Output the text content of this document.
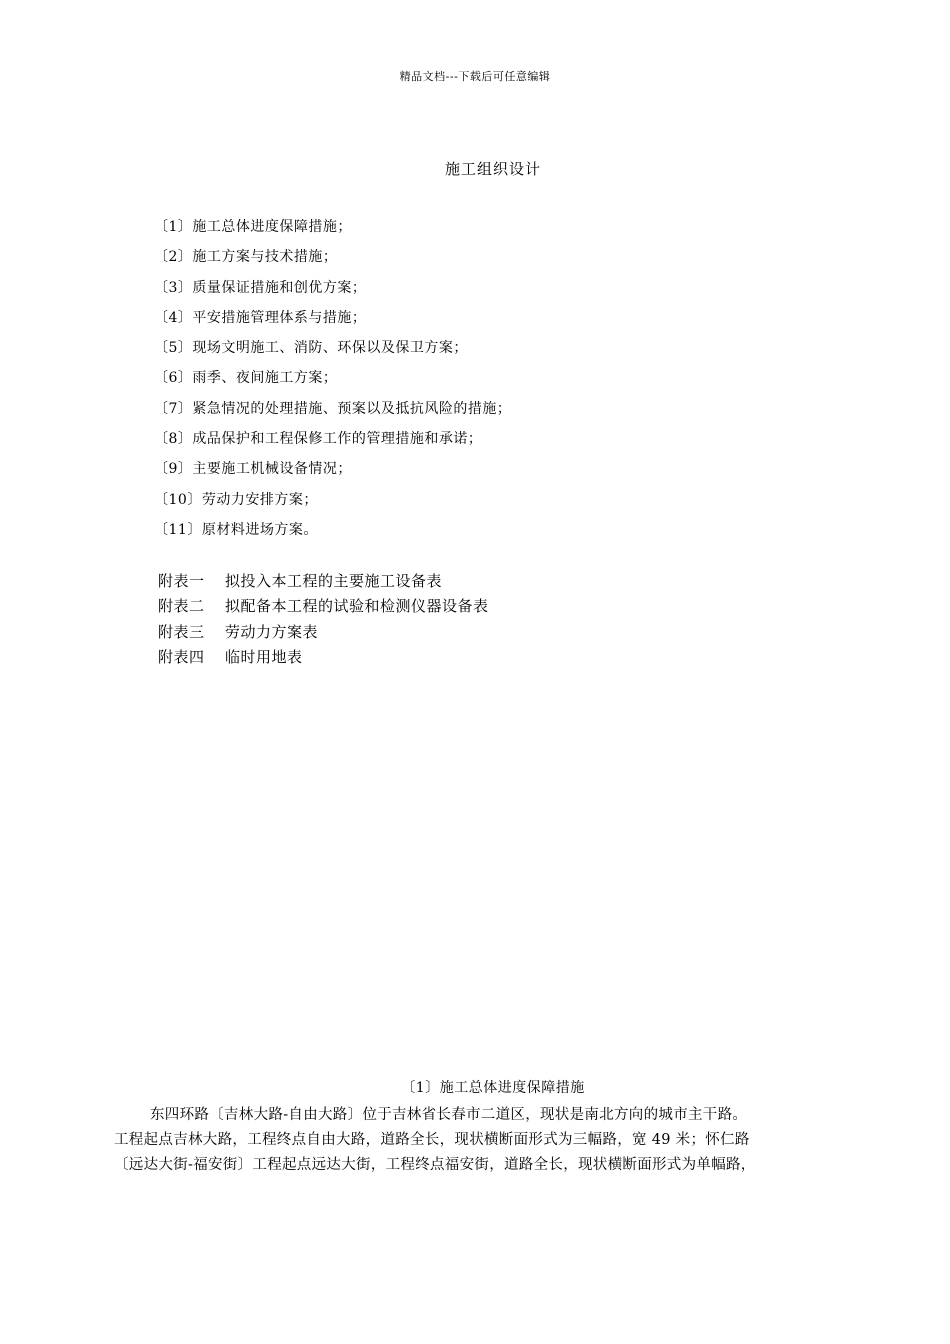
精品文档---下载后可任意编辑
施工组织设计
〔1〕施工总体进度保障措施；
〔2〕施工方案与技术措施；
〔3〕质量保证措施和创优方案；
〔4〕平安措施管理体系与措施；
〔5〕现场文明施工、消防、环保以及保卫方案；
〔6〕雨季、夜间施工方案；
〔7〕紧急情况的处理措施、预案以及抵抗风险的措施；
〔8〕成品保护和工程保修工作的管理措施和承诺；
〔9〕主要施工机械设备情况；
〔10〕劳动力安排方案；
〔11〕原材料进场方案。
附表一 拟投入本工程的主要施工设备表
附表二 拟配备本工程的试验和检测仪器设备表
附表三 劳动力方案表
附表四 临时用地表
〔1〕施工总体进度保障措施
东四环路〔吉林大路-自由大路〕位于吉林省长春市二道区，现状是南北方向的城市主干路。
工程起点吉林大路，工程终点自由大路，道路全长，现状横断面形式为三幅路，宽 49 米；怀仁路
〔远达大街-福安街〕工程起点远达大街，工程终点福安街，道路全长，现状横断面形式为单幅路，
